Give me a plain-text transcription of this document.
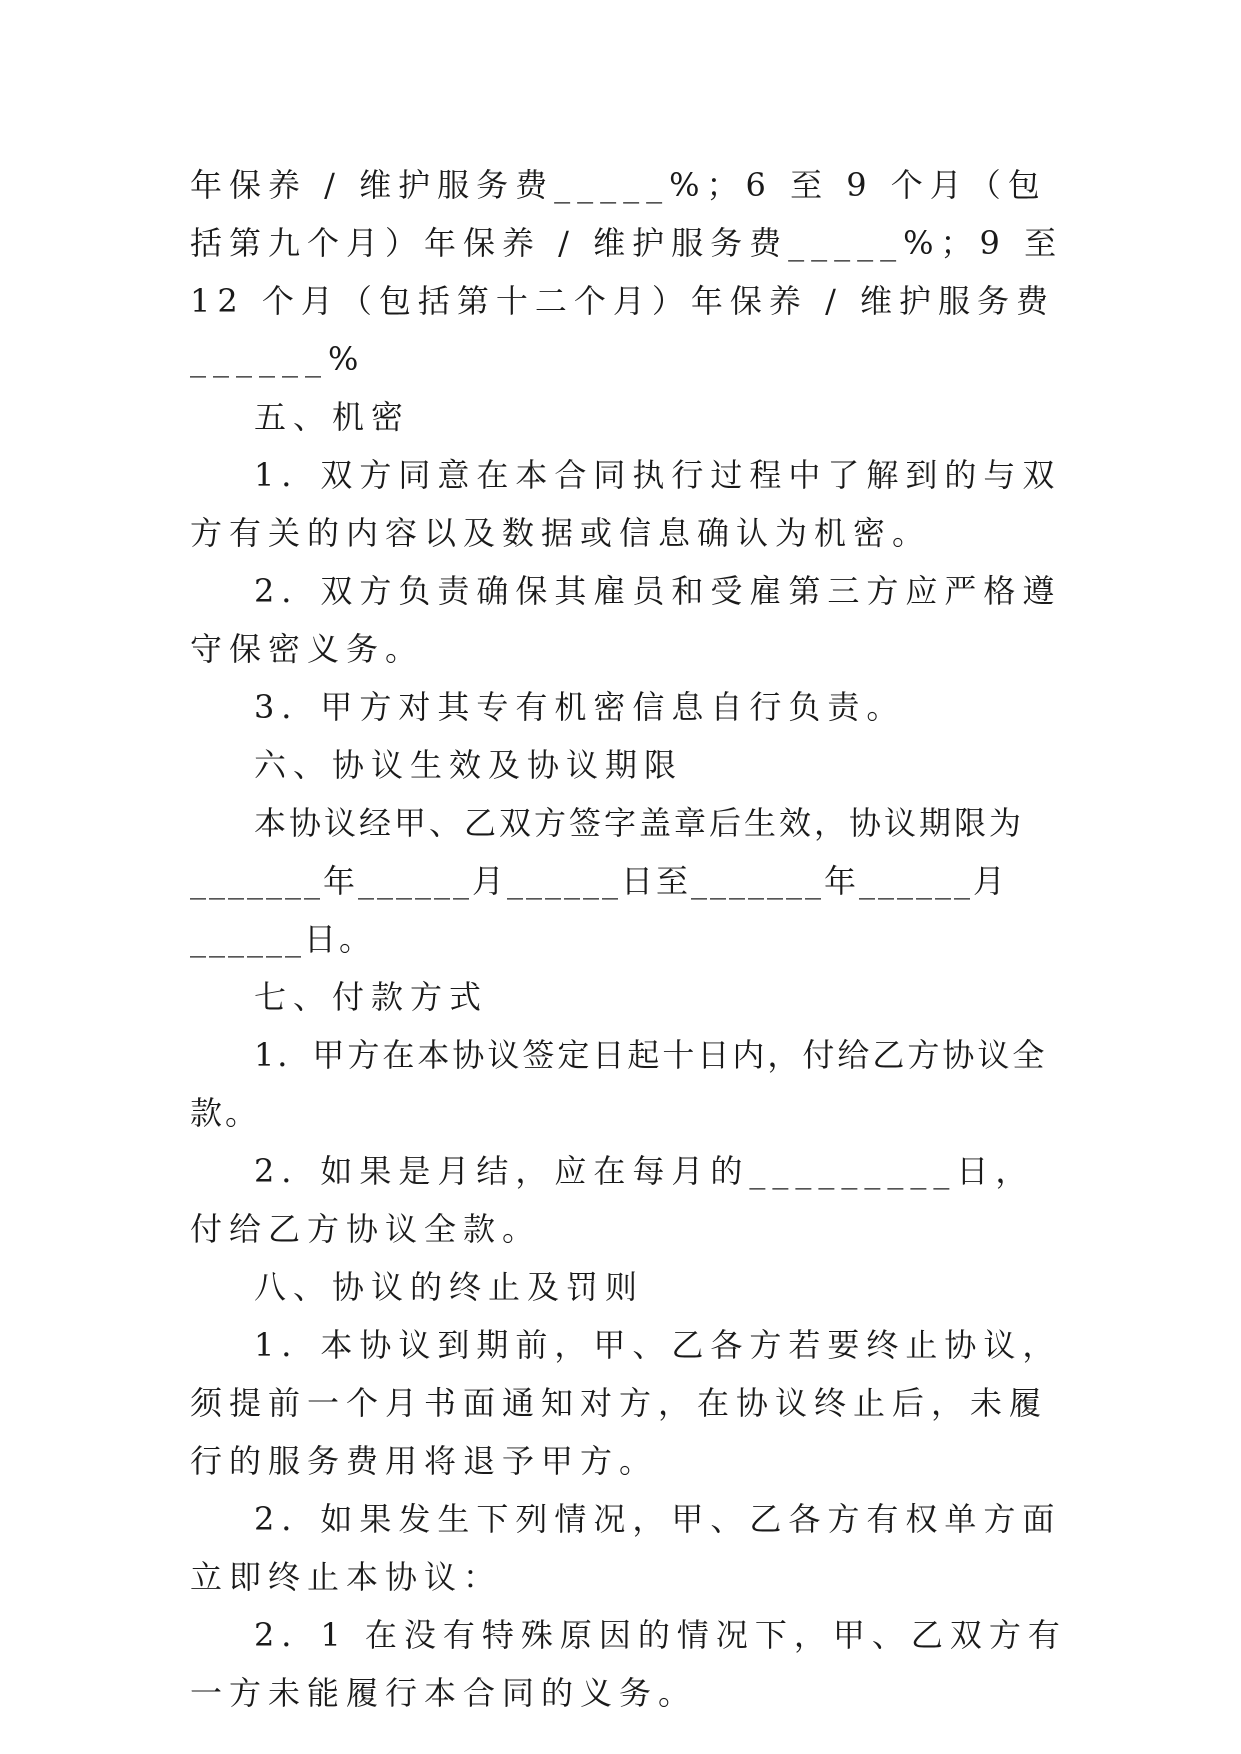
年保养 / 维护服务费_____%；6 至 9 个月（包括第九个月）年保养 / 维护服务费_____%；9 至 12 个月（包括第十二个月）年保养 / 维护服务费______%

五、机密

1．双方同意在本合同执行过程中了解到的与双方有关的内容以及数据或信息确认为机密。

2．双方负责确保其雇员和受雇第三方应严格遵守保密义务。

3．甲方对其专有机密信息自行负责。

六、协议生效及协议期限

本协议经甲、乙双方签字盖章后生效，协议期限为_______年______月______日至_______年______月______日。

七、付款方式

1．甲方在本协议签定日起十日内，付给乙方协议全款。

2．如果是月结，应在每月的_________日，付给乙方协议全款。

八、协议的终止及罚则

1．本协议到期前，甲、乙各方若要终止协议，须提前一个月书面通知对方，在协议终止后，未履行的服务费用将退予甲方。

2．如果发生下列情况，甲、乙各方有权单方面立即终止本协议：

2．1 在没有特殊原因的情况下，甲、乙双方有一方未能履行本合同的义务。
